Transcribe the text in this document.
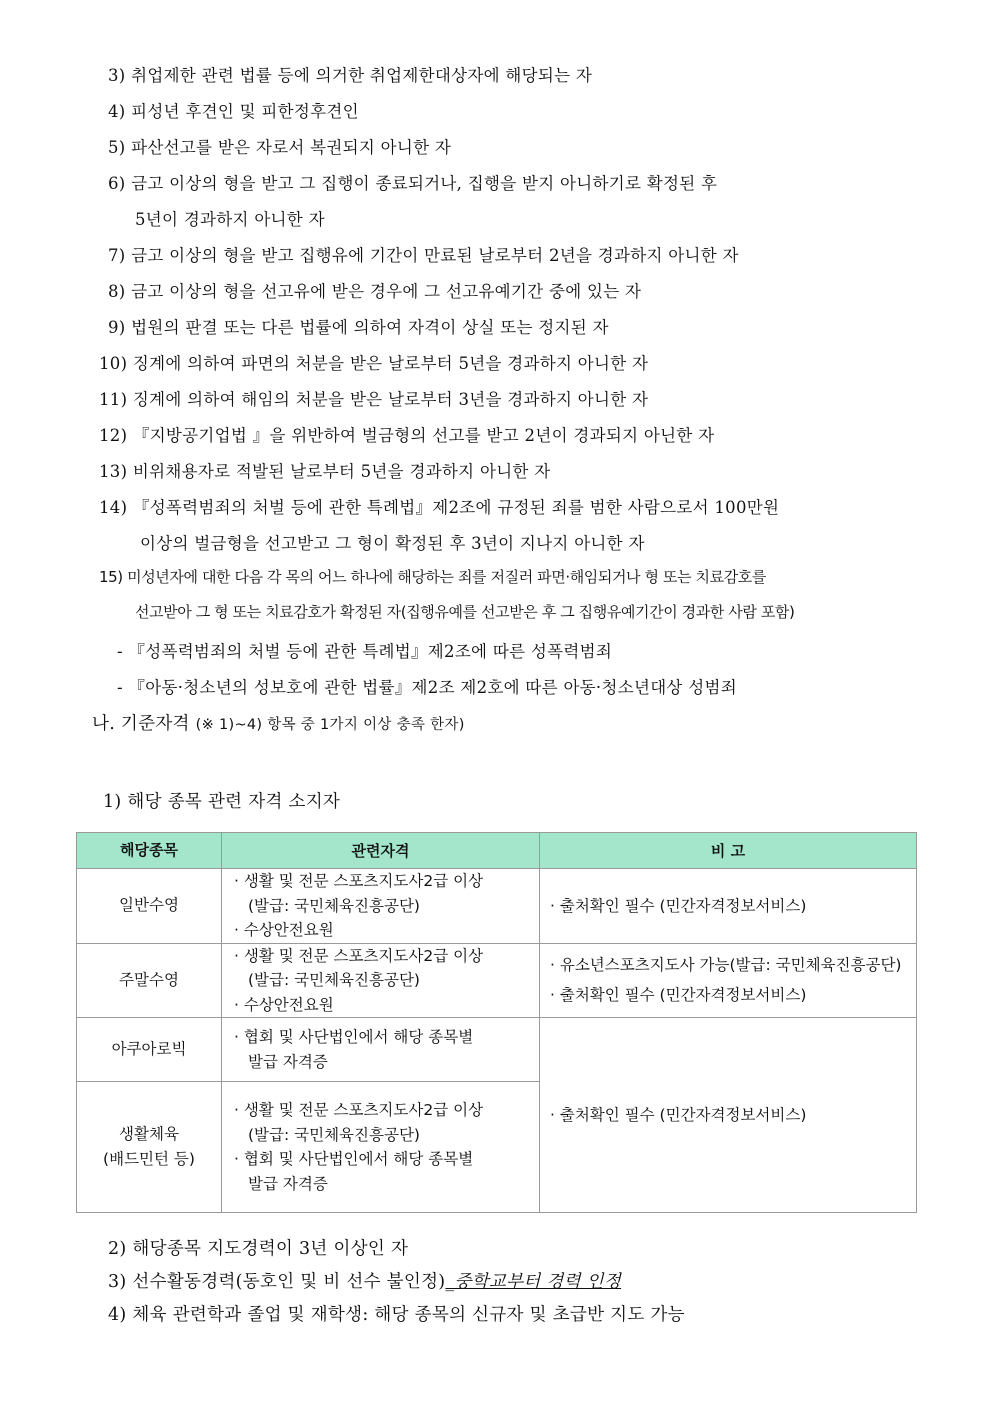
3) 취업제한 관련 법률 등에 의거한 취업제한대상자에 해당되는 자
4) 피성년 후견인 및 피한정후견인
5) 파산선고를 받은 자로서 복권되지 아니한 자
6) 금고 이상의 형을 받고 그 집행이 종료되거나, 집행을 받지 아니하기로 확정된 후
5년이 경과하지 아니한 자
7) 금고 이상의 형을 받고 집행유에 기간이 만료된 날로부터 2년을 경과하지 아니한 자
8) 금고 이상의 형을 선고유에 받은 경우에 그 선고유예기간 중에 있는 자
9) 법원의 판결 또는 다른 법률에 의하여 자격이 상실 또는 정지된 자
10) 징계에 의하여 파면의 처분을 받은 날로부터 5년을 경과하지 아니한 자
11) 징계에 의하여 해임의 처분을 받은 날로부터 3년을 경과하지 아니한 자
12) 『지방공기업법 』을 위반하여 벌금형의 선고를 받고 2년이 경과되지 아닌한 자
13) 비위채용자로 적발된 날로부터 5년을 경과하지 아니한 자
14) 『성폭력범죄의 처벌 등에 관한 특례법』제2조에 규정된 죄를 범한 사람으로서 100만원
이상의 벌금형을 선고받고 그 형이 확정된 후 3년이 지나지 아니한 자
15) 미성년자에 대한 다음 각 목의 어느 하나에 해당하는 죄를 저질러 파면·해임되거나 형 또는 치료감호를
선고받아 그 형 또는 치료감호가 확정된 자(집행유예를 선고받은 후 그 집행유예기간이 경과한 사람 포함)
- 『성폭력범죄의 처벌 등에 관한 특례법』제2조에 따른 성폭력범죄
- 『아동·청소년의 성보호에 관한 법률』제2조 제2호에 따른 아동·청소년대상 성범죄
나. 기준자격 (※ 1)~4) 항목 중 1가지 이상 충족 한자)
1) 해당 종목 관련 자격 소지자
해당종목	관련자격	비 고
일반수영	· 생활 및 전문 스포츠지도사2급 이상
(발급: 국민체육진흥공단)
· 수상안전요원	· 출처확인 필수 (민간자격정보서비스)

주말수영	· 생활 및 전문 스포츠지도사2급 이상
(발급: 국민체육진흥공단)
· 수상안전요원	· 유소년스포츠지도사 가능(발급: 국민체육진흥공단)
· 출처확인 필수 (민간자격정보서비스)

아쿠아로빅	· 협회 및 사단법인에서 해당 종목별
발급 자격증	· 출처확인 필수 (민간자격정보서비스)

생활체육
(배드민턴 등)	· 생활 및 전문 스포츠지도사2급 이상
(발급: 국민체육진흥공단)
· 협회 및 사단법인에서 해당 종목별
발급 자격증	
2) 해당종목 지도경력이 3년 이상인 자
3) 선수활동경력(동호인 및 비 선수 불인정)_중학교부터 경력 인정
4) 체육 관련학과 졸업 및 재학생: 해당 종목의 신규자 및 초급반 지도 가능
